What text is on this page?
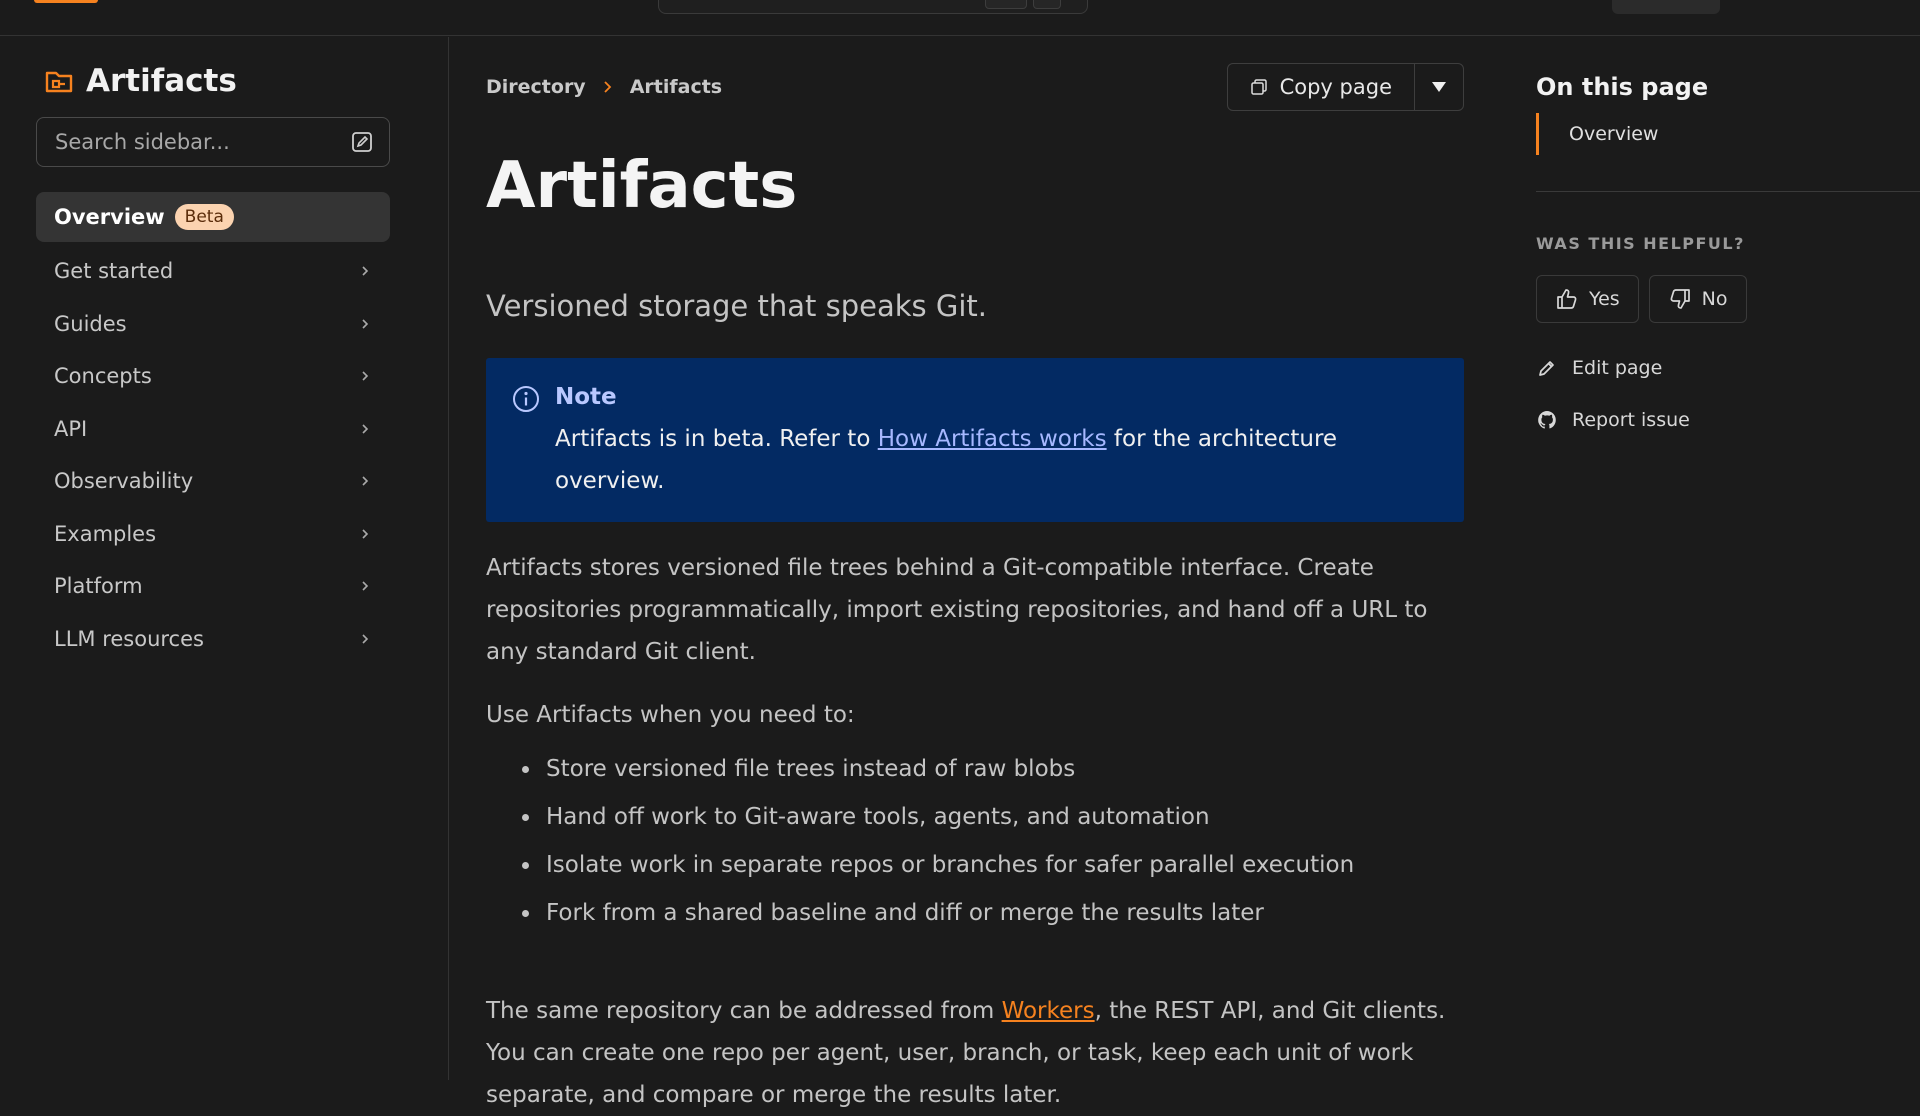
Artifacts
Search sidebar...
Overview	Beta
Get started
Guides
Concepts
API
Observability
Examples
Platform
LLM resources
Directory Artifacts	Copy page
Artifacts

Versioned storage that speaks Git.

Note
Artifacts is in beta. Refer to How Artifacts works for the architecture overview.

Artifacts stores versioned file trees behind a Git-compatible interface. Create repositories programmatically, import existing repositories, and hand off a URL to any standard Git client.

Use Artifacts when you need to:

Store versioned file trees instead of raw blobs
Hand off work to Git-aware tools, agents, and automation
Isolate work in separate repos or branches for safer parallel execution
Fork from a shared baseline and diff or merge the results later

The same repository can be addressed from Workers, the REST API, and Git clients. You can create one repo per agent, user, branch, or task, keep each unit of work separate, and compare or merge the results later.

On this page
Overview
WAS THIS HELPFUL?
Yes	No
Edit page
Report issue
